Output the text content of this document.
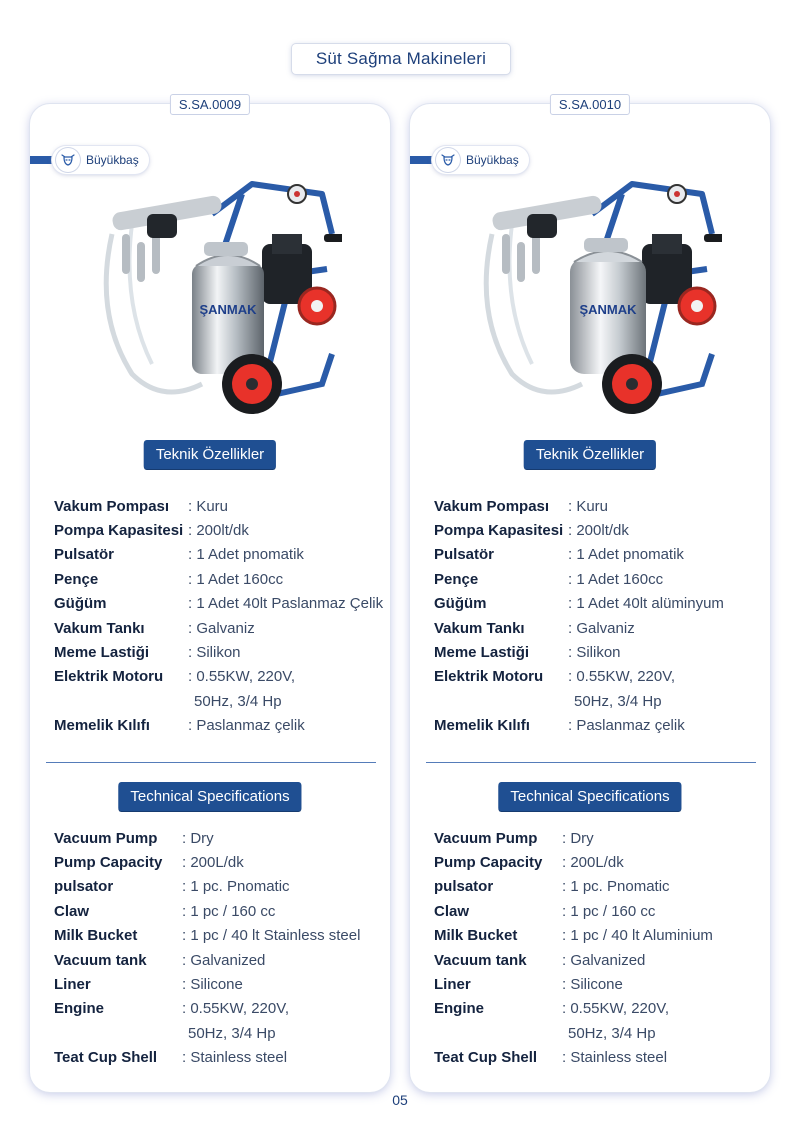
Süt Sağma Makineleri
S.SA.0009
Büyükbaş
ŞANMAK
Teknik Özellikler
Vakum Pompası	: Kuru
Pompa Kapasitesi : 200lt/dk
Pulsatör	: 1 Adet pnomatik
Pençe	: 1 Adet 160cc
Güğüm	: 1 Adet 40lt Paslanmaz Çelik
Vakum Tankı	: Galvaniz
Meme Lastiği	: Silikon
Elektrik Motoru	: 0.55KW, 220V,
50Hz, 3/4 Hp
Memelik Kılıfı	: Paslanmaz çelik
Technical Specifications
Vacuum Pump	: Dry
Pump Capacity	: 200L/dk
pulsator	: 1 pc. Pnomatic
Claw	: 1 pc / 160 cc
Milk Bucket	: 1 pc / 40 lt Stainless steel
Vacuum tank	: Galvanized
Liner	: Silicone
Engine	: 0.55KW, 220V,
50Hz, 3/4 Hp
Teat Cup Shell	: Stainless steel
S.SA.0010
Büyükbaş
ŞANMAK
Teknik Özellikler
Vakum Pompası	: Kuru
Pompa Kapasitesi : 200lt/dk
Pulsatör	: 1 Adet pnomatik
Pençe	: 1 Adet 160cc
Güğüm	: 1 Adet 40lt alüminyum
Vakum Tankı	: Galvaniz
Meme Lastiği	: Silikon
Elektrik Motoru	: 0.55KW, 220V,
50Hz, 3/4 Hp
Memelik Kılıfı	: Paslanmaz çelik
Technical Specifications
Vacuum Pump	: Dry
Pump Capacity	: 200L/dk
pulsator	: 1 pc. Pnomatic
Claw	: 1 pc / 160 cc
Milk Bucket	: 1 pc / 40 lt Aluminium
Vacuum tank	: Galvanized
Liner	: Silicone
Engine	: 0.55KW, 220V,
50Hz, 3/4 Hp
Teat Cup Shell	: Stainless steel
05
